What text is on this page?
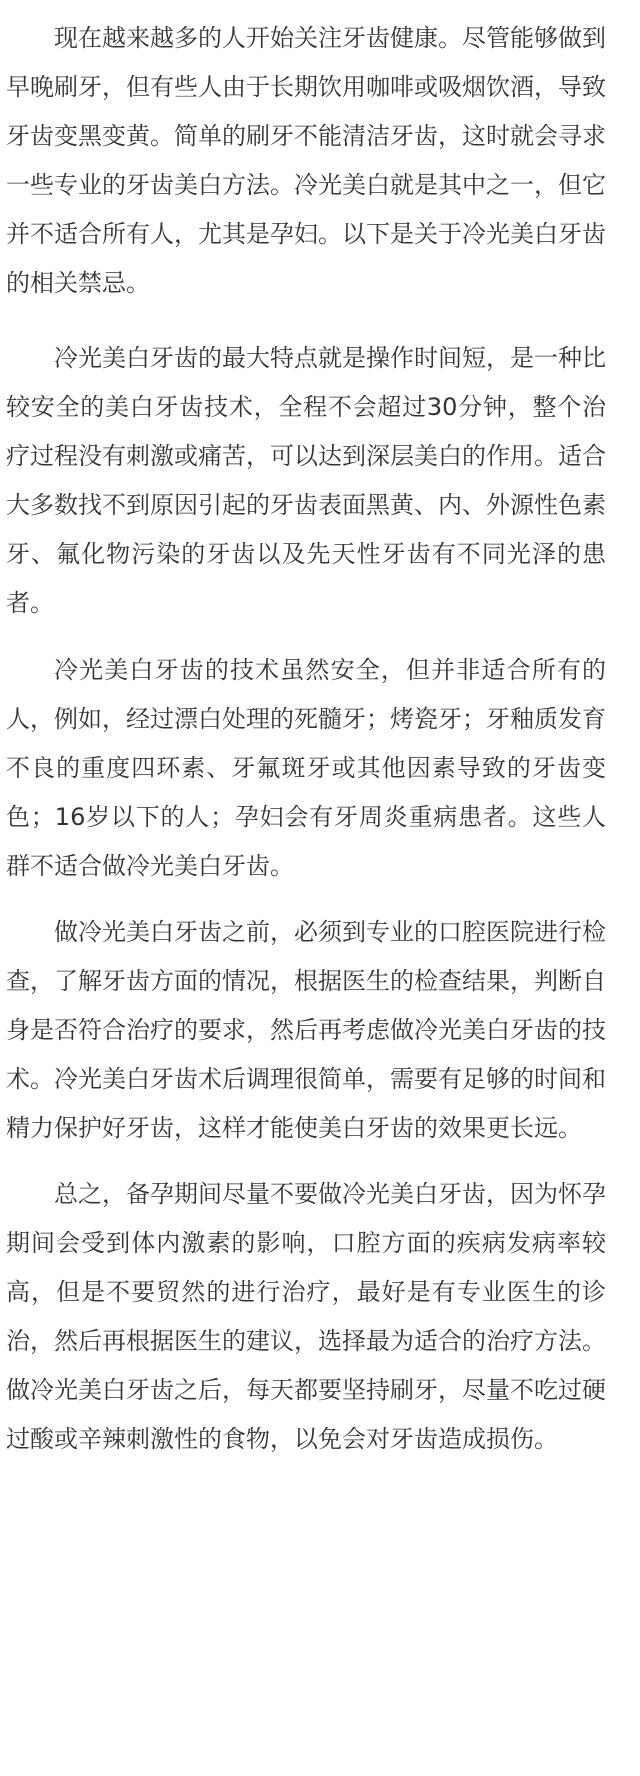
现在越来越多的人开始关注牙齿健康。尽管能够做到早晚刷牙，但有些人由于长期饮用咖啡或吸烟饮酒，导致牙齿变黑变黄。简单的刷牙不能清洁牙齿，这时就会寻求一些专业的牙齿美白方法。冷光美白就是其中之一，但它并不适合所有人，尤其是孕妇。以下是关于冷光美白牙齿的相关禁忌。

冷光美白牙齿的最大特点就是操作时间短，是一种比较安全的美白牙齿技术，全程不会超过30分钟，整个治疗过程没有刺激或痛苦，可以达到深层美白的作用。适合大多数找不到原因引起的牙齿表面黑黄、内、外源性色素牙、氟化物污染的牙齿以及先天性牙齿有不同光泽的患者。

冷光美白牙齿的技术虽然安全，但并非适合所有的人，例如，经过漂白处理的死髓牙；烤瓷牙；牙釉质发育不良的重度四环素、牙氟斑牙或其他因素导致的牙齿变色；16岁以下的人；孕妇会有牙周炎重病患者。这些人群不适合做冷光美白牙齿。

做冷光美白牙齿之前，必须到专业的口腔医院进行检查，了解牙齿方面的情况，根据医生的检查结果，判断自身是否符合治疗的要求，然后再考虑做冷光美白牙齿的技术。冷光美白牙齿术后调理很简单，需要有足够的时间和精力保护好牙齿，这样才能使美白牙齿的效果更长远。

总之，备孕期间尽量不要做冷光美白牙齿，因为怀孕期间会受到体内激素的影响，口腔方面的疾病发病率较高，但是不要贸然的进行治疗，最好是有专业医生的诊治，然后再根据医生的建议，选择最为适合的治疗方法。做冷光美白牙齿之后，每天都要坚持刷牙，尽量不吃过硬过酸或辛辣刺激性的食物，以免会对牙齿造成损伤。
